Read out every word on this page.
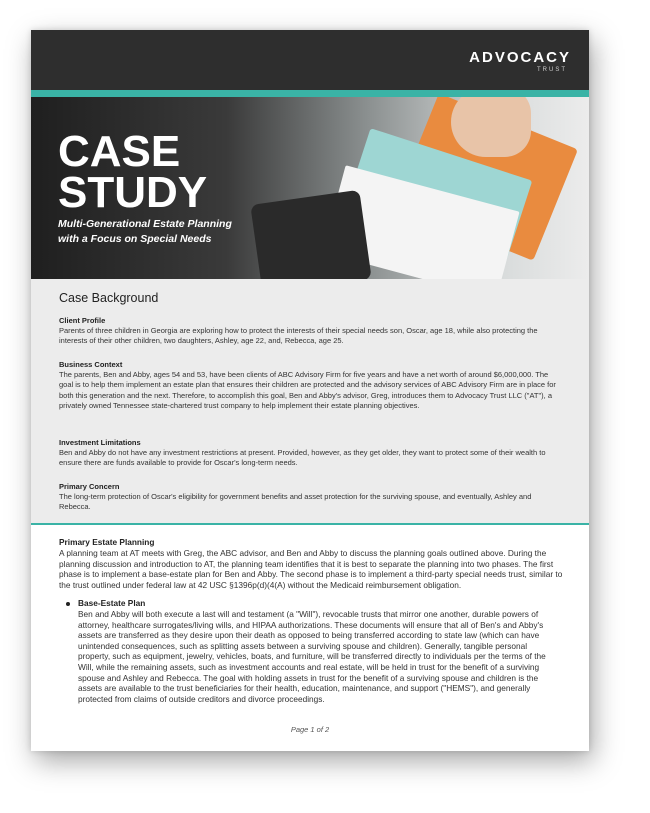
ADVOCACY
TRUST
CASE
STUDY
Multi-Generational Estate Planning
with a Focus on Special Needs
Case Background
Client Profile
Parents of three children in Georgia are exploring how to protect the interests of their special needs son, Oscar, age 18, while also protecting the interests of their other children, two daughters, Ashley, age 22, and, Rebecca, age 25.
Business Context
The parents, Ben and Abby, ages 54 and 53, have been clients of ABC Advisory Firm for five years and have a net worth of around $6,000,000. The goal is to help them implement an estate plan that ensures their children are protected and the advisory services of ABC Advisory Firm are in place for both this generation and the next. Therefore, to accomplish this goal, Ben and Abby's advisor, Greg, introduces them to Advocacy Trust LLC ("AT"), a privately owned Tennessee state-chartered trust company to help implement their estate planning objectives.
Investment Limitations
Ben and Abby do not have any investment restrictions at present. Provided, however, as they get older, they want to protect some of their wealth to ensure there are funds available to provide for Oscar's long-term needs.
Primary Concern
The long-term protection of Oscar's eligibility for government benefits and asset protection for the surviving spouse, and eventually, Ashley and Rebecca.
Primary Estate Planning
A planning team at AT meets with Greg, the ABC advisor, and Ben and Abby to discuss the planning goals outlined above. During the planning discussion and introduction to AT, the planning team identifies that it is best to separate the planning into two phases. The first phase is to implement a base-estate plan for Ben and Abby. The second phase is to implement a third-party special needs trust, similar to the trust outlined under federal law at 42 USC §1396p(d)(4(A) without the Medicaid reimbursement obligation.
Base-Estate Plan
Ben and Abby will both execute a last will and testament (a "Will"), revocable trusts that mirror one another, durable powers of attorney, healthcare surrogates/living wills, and HIPAA authorizations. These documents will ensure that all of Ben's and Abby's assets are transferred as they desire upon their death as opposed to being transferred according to state law (which can have unintended consequences, such as splitting assets between a surviving spouse and children). Generally, tangible personal property, such as equipment, jewelry, vehicles, boats, and furniture, will be transferred directly to individuals per the terms of the Will, while the remaining assets, such as investment accounts and real estate, will be held in trust for the benefit of a surviving spouse and Ashley and Rebecca. The goal with holding assets in trust for the benefit of a surviving spouse and children is the assets are available to the trust beneficiaries for their health, education, maintenance, and support ("HEMS"), and generally protected from claims of outside creditors and divorce proceedings.
Page 1 of 2
